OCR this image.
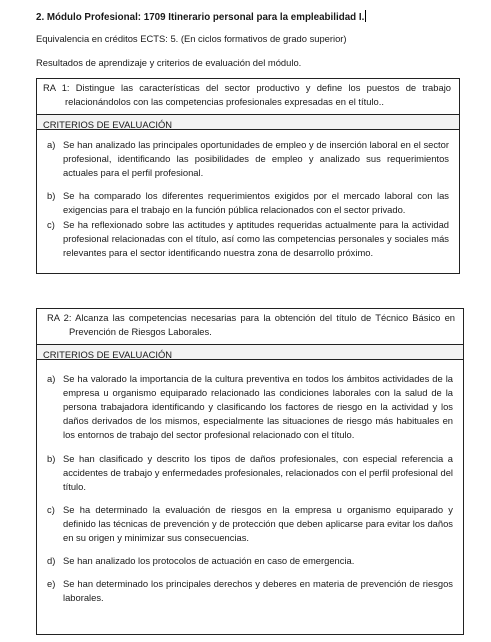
2. Módulo Profesional: 1709 Itinerario personal para la empleabilidad I.
Equivalencia en créditos ECTS: 5. (En ciclos formativos de grado superior)
Resultados de aprendizaje y criterios de evaluación del módulo.
RA 1: Distingue las características del sector productivo y define los puestos de trabajo relacionándolos con las competencias profesionales expresadas en el título..
CRITERIOS DE EVALUACIÓN
a) Se han analizado las principales oportunidades de empleo y de inserción laboral en el sector profesional, identificando las posibilidades de empleo y analizado sus requerimientos actuales para el perfil profesional.
b) Se ha comparado los diferentes requerimientos exigidos por el mercado laboral con las exigencias para el trabajo en la función pública relacionados con el sector privado.
c) Se ha reflexionado sobre las actitudes y aptitudes requeridas actualmente para la actividad profesional relacionadas con el título, así como las competencias personales y sociales más relevantes para el sector identificando nuestra zona de desarrollo próximo.
RA 2: Alcanza las competencias necesarias para la obtención del título de Técnico Básico en Prevención de Riesgos Laborales.
CRITERIOS DE EVALUACIÓN
a) Se ha valorado la importancia de la cultura preventiva en todos los ámbitos actividades de la empresa u organismo equiparado relacionado las condiciones laborales con la salud de la persona trabajadora identificando y clasificando los factores de riesgo en la actividad y los daños derivados de los mismos, especialmente las situaciones de riesgo más habituales en los entornos de trabajo del sector profesional relacionado con el título.
b) Se han clasificado y descrito los tipos de daños profesionales, con especial referencia a accidentes de trabajo y enfermedades profesionales, relacionados con el perfil profesional del título.
c) Se ha determinado la evaluación de riesgos en la empresa u organismo equiparado y definido las técnicas de prevención y de protección que deben aplicarse para evitar los daños en su origen y minimizar sus consecuencias.
d) Se han analizado los protocolos de actuación en caso de emergencia.
e) Se han determinado los principales derechos y deberes en materia de prevención de riesgos laborales.
